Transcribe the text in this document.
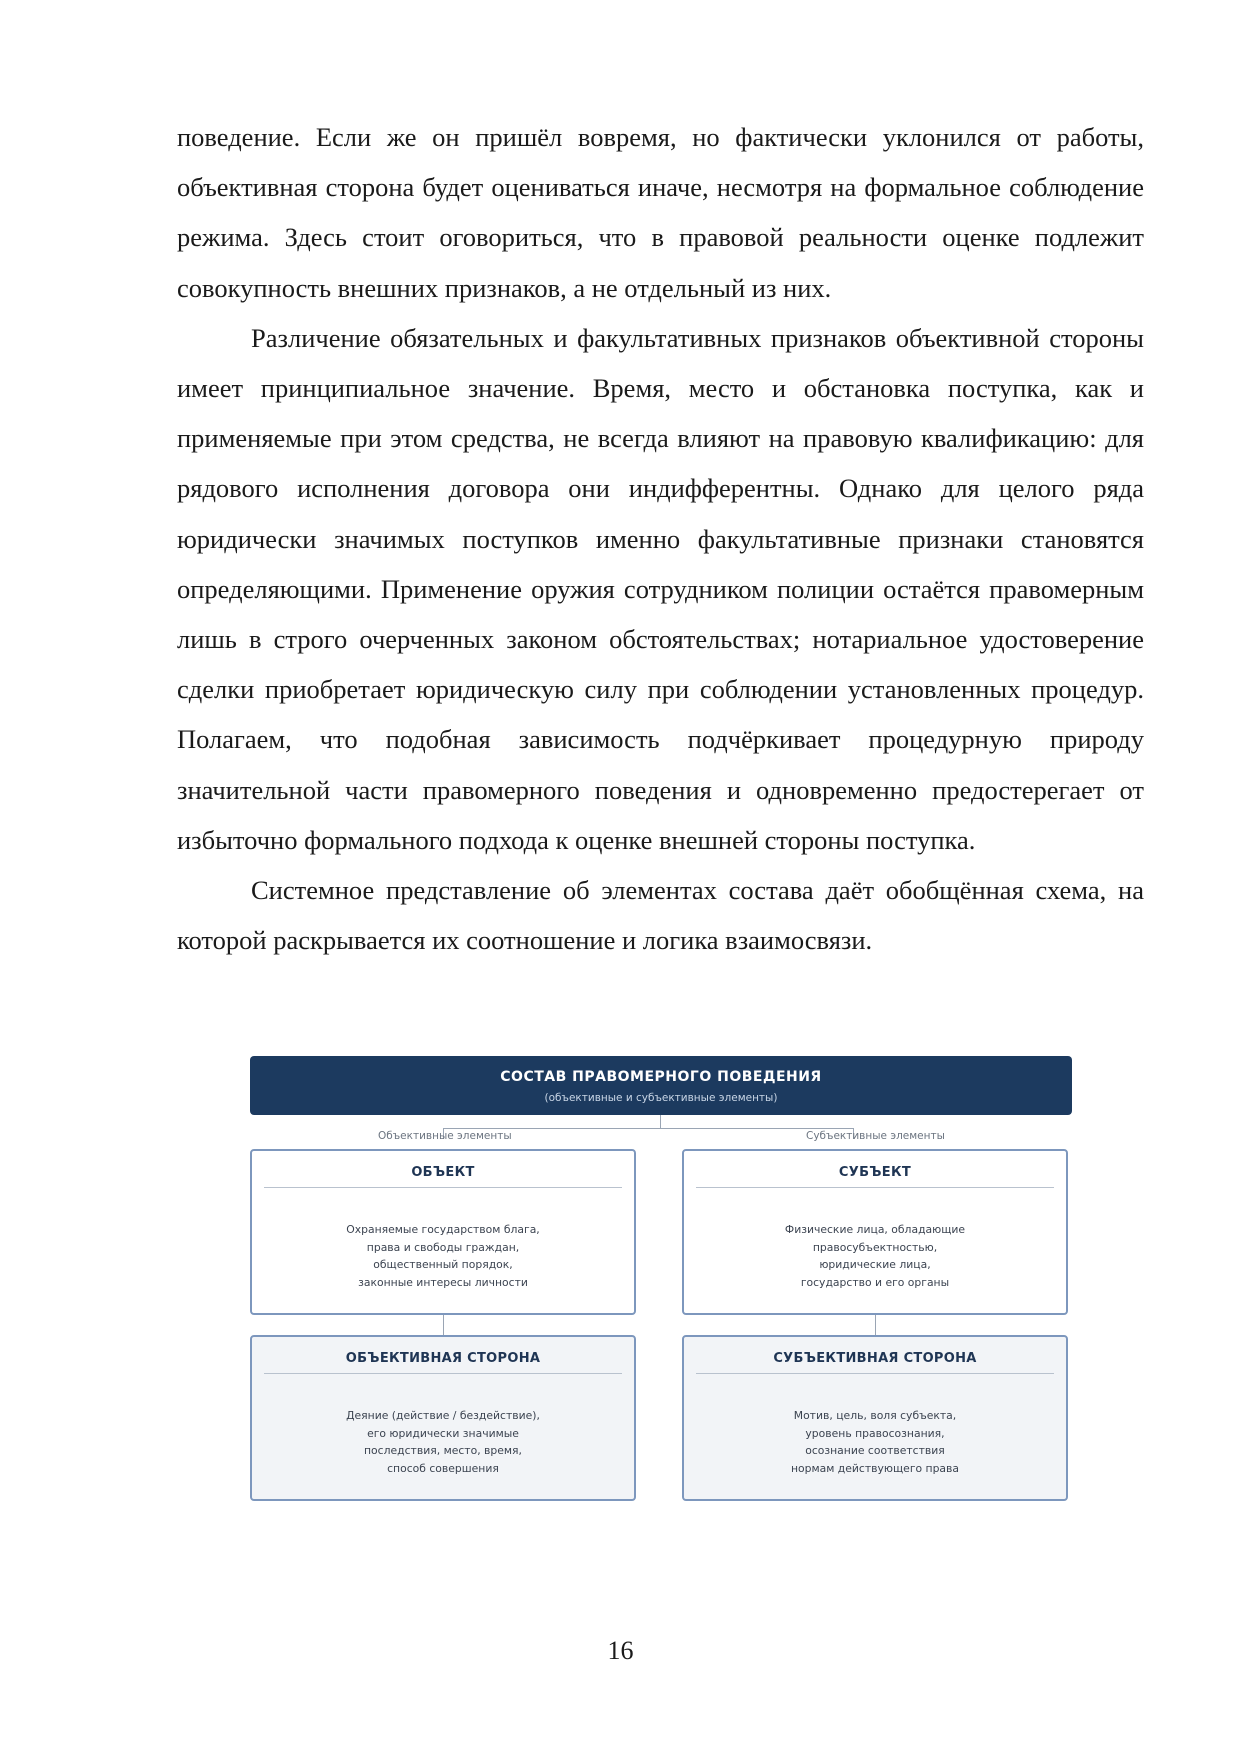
поведение. Если же он пришёл вовремя, но фактически уклонился от работы, объективная сторона будет оцениваться иначе, несмотря на формальное соблюдение режима. Здесь стоит оговориться, что в правовой реальности оценке подлежит совокупность внешних признаков, а не отдельный из них.

Различение обязательных и факультативных признаков объективной стороны имеет принципиальное значение. Время, место и обстановка поступка, как и применяемые при этом средства, не всегда влияют на правовую квалификацию: для рядового исполнения договора они индифферентны. Однако для целого ряда юридически значимых поступков именно факультативные признаки становятся определяющими. Применение оружия сотрудником полиции остаётся правомерным лишь в строго очерченных законом обстоятельствах; нотариальное удостоверение сделки приобретает юридическую силу при соблюдении установленных процедур. Полагаем, что подобная зависимость подчёркивает процедурную природу значительной части правомерного поведения и одновременно предостерегает от избыточно формального подхода к оценке внешней стороны поступка.

Системное представление об элементах состава даёт обобщённая схема, на которой раскрывается их соотношение и логика взаимосвязи.

СОСТАВ ПРАВОМЕРНОГО ПОВЕДЕНИЯ
(объективные и субъективные элементы)
Объективные элементы	Субъективные элементы
ОБЪЕКТ
Охраняемые государством блага,
права и свободы граждан,
общественный порядок,
законные интересы личности
СУБЪЕКТ
Физические лица, обладающие
правосубъектностью,
юридические лица,
государство и его органы
ОБЪЕКТИВНАЯ СТОРОНА
Деяние (действие / бездействие),
его юридически значимые
последствия, место, время,
способ совершения
СУБЪЕКТИВНАЯ СТОРОНА
Мотив, цель, воля субъекта,
уровень правосознания,
осознание соответствия
нормам действующего права
16
